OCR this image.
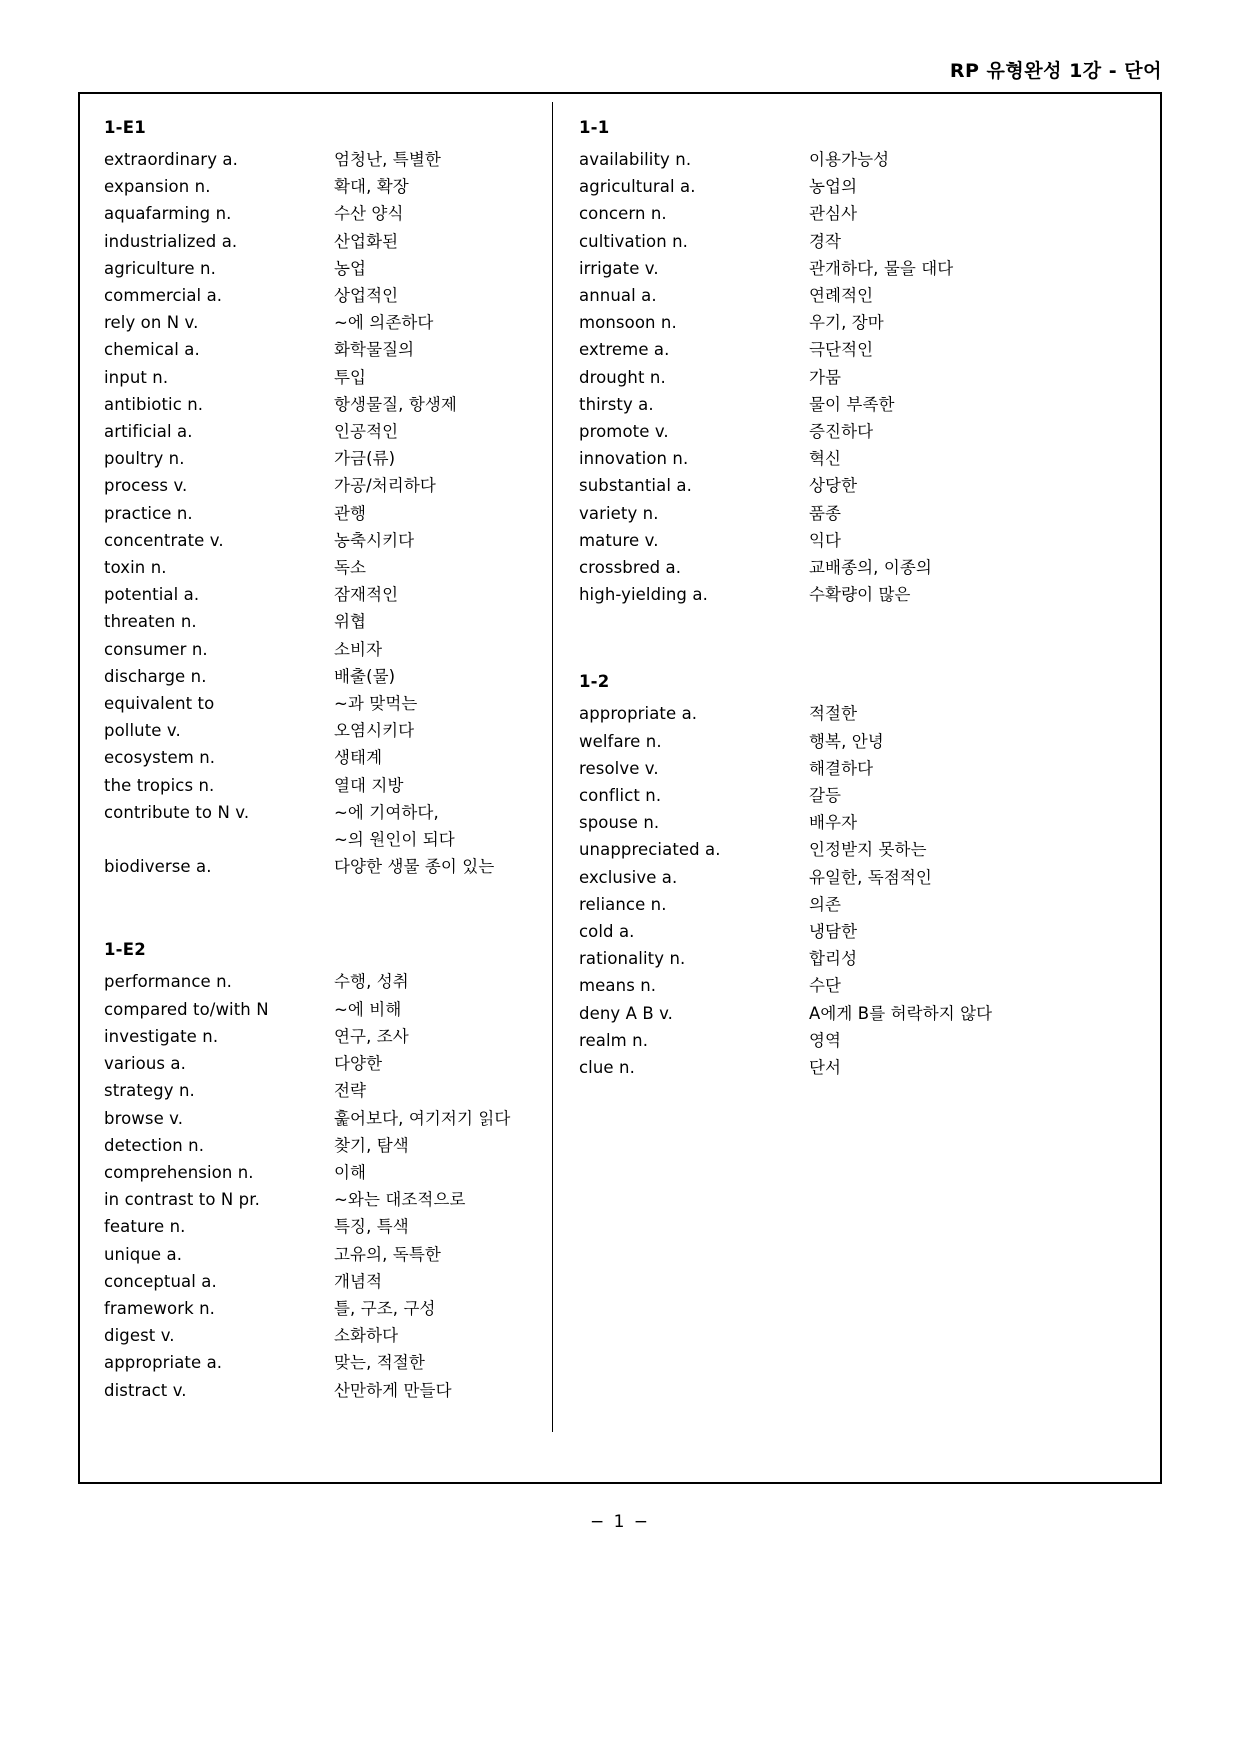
RP 유형완성 1강 - 단어
1-E1
extraordinary a.	엄청난, 특별한
expansion n.	확대, 확장
aquafarming n.	수산 양식
industrialized a.	산업화된
agriculture n.	농업
commercial a.	상업적인
rely on N v.	~에 의존하다
chemical a.	화학물질의
input n.	투입
antibiotic n.	항생물질, 항생제
artificial a.	인공적인
poultry n.	가금(류)
process v.	가공/처리하다
practice n.	관행
concentrate v.	농축시키다
toxin n.	독소
potential a.	잠재적인
threaten n.	위협
consumer n.	소비자
discharge n.	배출(물)
equivalent to	~과 맞먹는
pollute v.	오염시키다
ecosystem n.	생태계
the tropics n.	열대 지방
contribute to N v.	~에 기여하다,
~의 원인이 되다
biodiverse a.	다양한 생물 종이 있는
1-E2
performance n.	수행, 성취
compared to/with N	~에 비해
investigate n.	연구, 조사
various a.	다양한
strategy n.	전략
browse v.	훑어보다, 여기저기 읽다
detection n.	찾기, 탐색
comprehension n.	이해
in contrast to N pr.	~와는 대조적으로
feature n.	특징, 특색
unique a.	고유의, 독특한
conceptual a.	개념적
framework n.	틀, 구조, 구성
digest v.	소화하다
appropriate a.	맞는, 적절한
distract v.	산만하게 만들다
1-1
availability n.	이용가능성
agricultural a.	농업의
concern n.	관심사
cultivation n.	경작
irrigate v.	관개하다, 물을 대다
annual a.	연례적인
monsoon n.	우기, 장마
extreme a.	극단적인
drought n.	가뭄
thirsty a.	물이 부족한
promote v.	증진하다
innovation n.	혁신
substantial a.	상당한
variety n.	품종
mature v.	익다
crossbred a.	교배종의, 이종의
high-yielding a.	수확량이 많은
1-2
appropriate a.	적절한
welfare n.	행복, 안녕
resolve v.	해결하다
conflict n.	갈등
spouse n.	배우자
unappreciated a.	인정받지 못하는
exclusive a.	유일한, 독점적인
reliance n.	의존
cold a.	냉담한
rationality n.	합리성
means n.	수단
deny A B v.	A에게 B를 허락하지 않다
realm n.	영역
clue n.	단서
− 1 −
